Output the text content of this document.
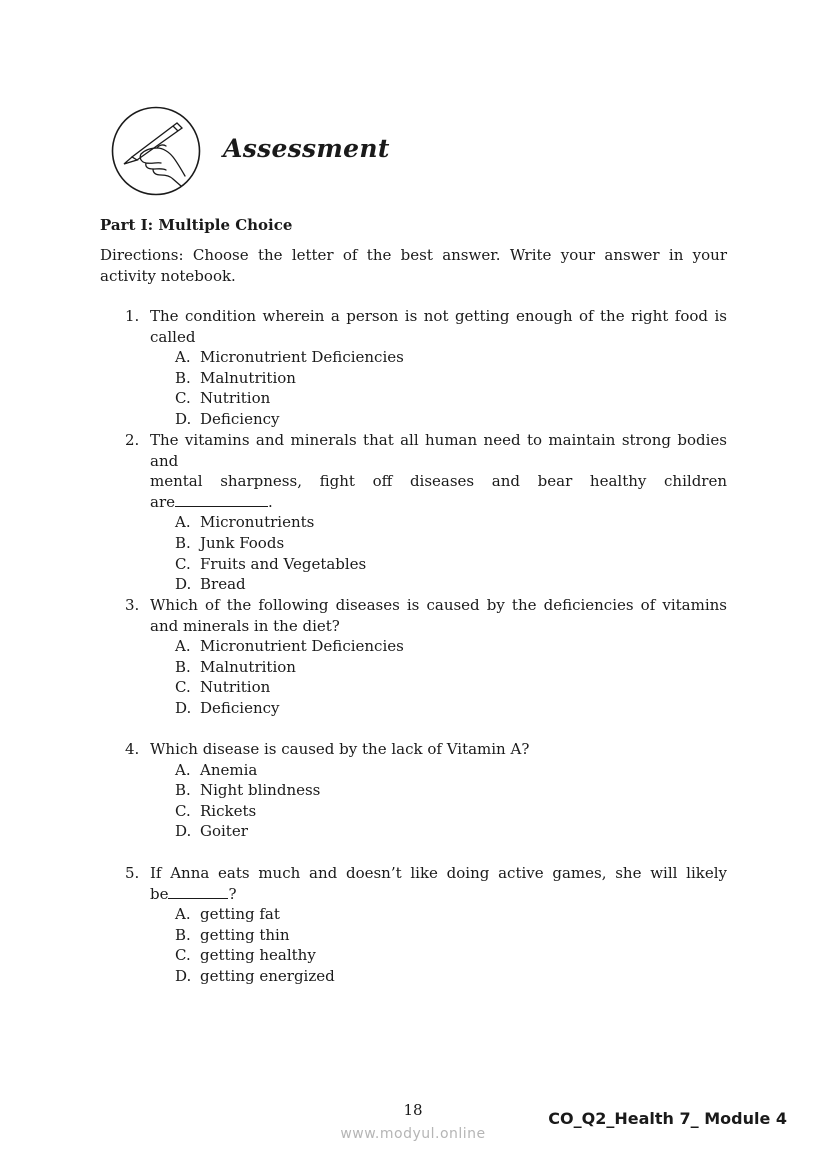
Assessment
Part I: Multiple Choice
Directions: Choose the letter of the best answer. Write your answer in your activity notebook.
1. The condition wherein a person is not getting enough of the right food is called
A. Micronutrient Deficiencies
B. Malnutrition
C. Nutrition
D. Deficiency
2. The vitamins and minerals that all human need to maintain strong bodies and
mental sharpness, fight off diseases and bear healthy children
are	.
A. Micronutrients
B. Junk Foods
C. Fruits and Vegetables
D. Bread
3. Which of the following diseases is caused by the deficiencies of vitamins and minerals in the diet?
A. Micronutrient Deficiencies
B. Malnutrition
C. Nutrition
D. Deficiency
4. Which disease is caused by the lack of Vitamin A?
A. Anemia
B. Night blindness
C. Rickets
D. Goiter
5. If Anna eats much and doesn’t like doing active games, she will likely
be	?
A. getting fat
B. getting thin
C. getting healthy
D. getting energized
18
www.modyul.online
CO_Q2_Health 7_ Module 4
